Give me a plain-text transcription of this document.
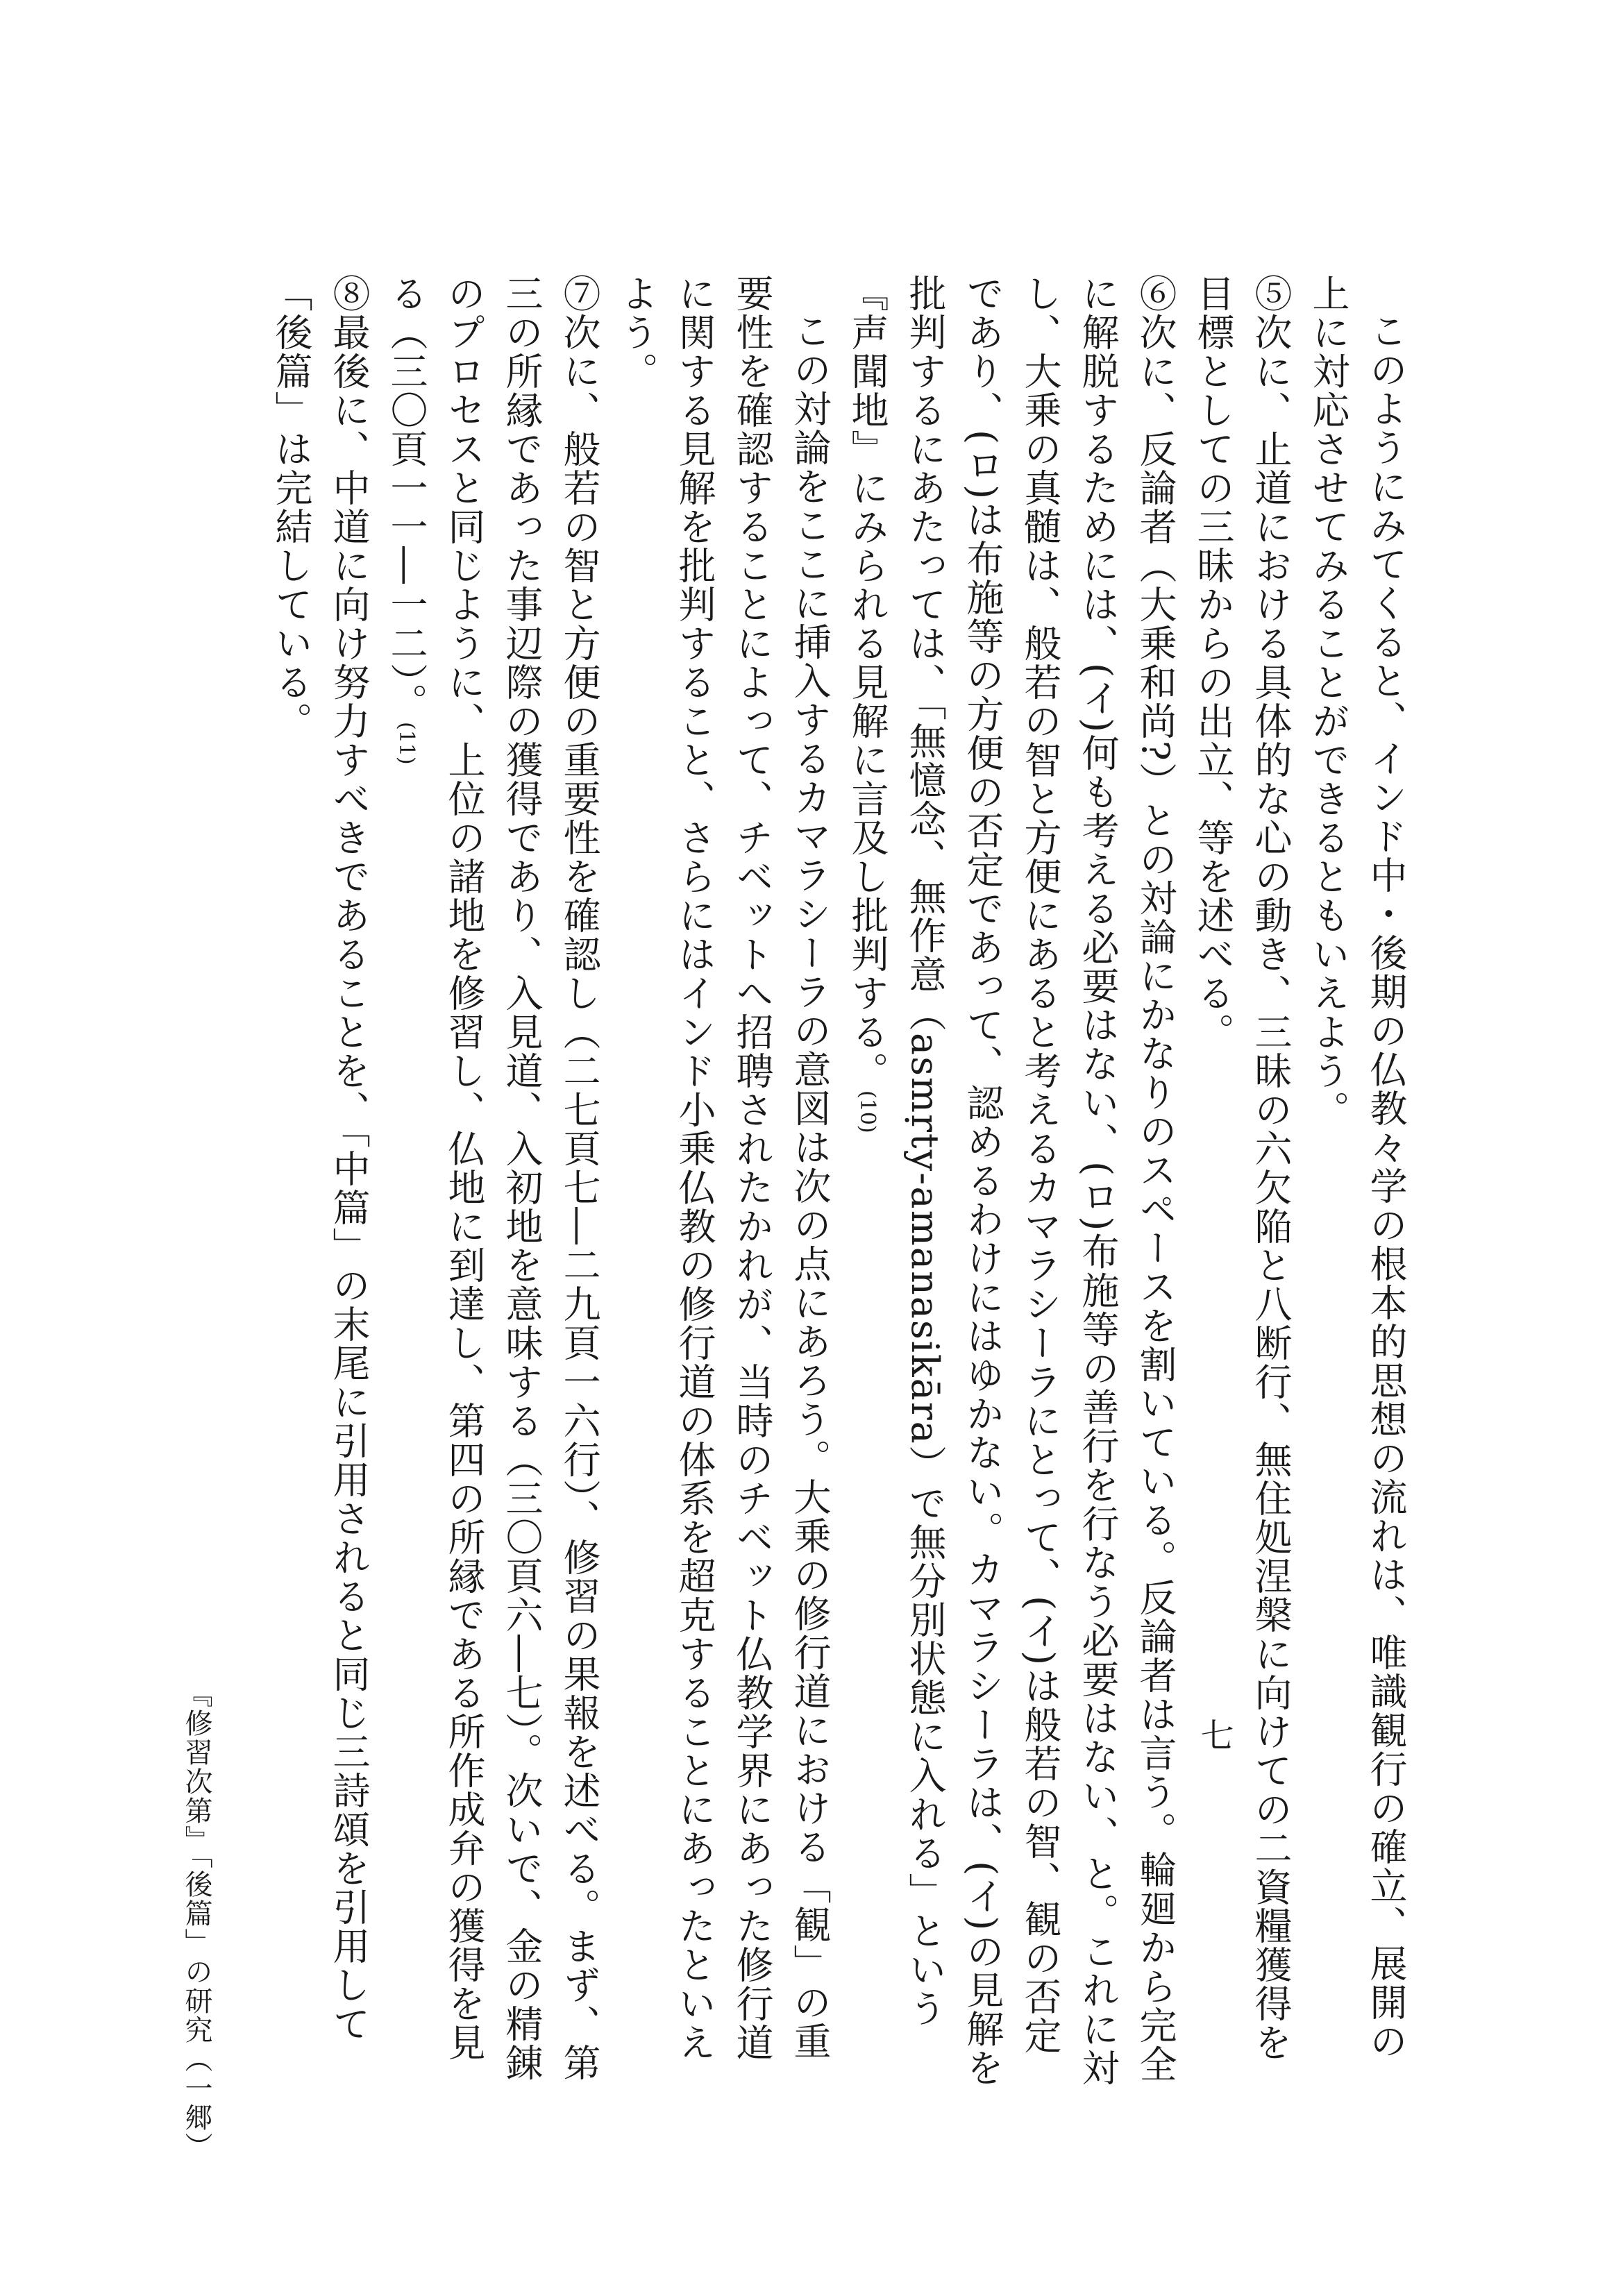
このようにみてくると、インド中・後期の仏教々学の根本的思想の流れは、唯識観行の確立、展開の上に対応させてみることができるともいえよう。

⑤次に、止道における具体的な心の動き、三昧の六欠陥と八断行、無住処涅槃に向けての二資糧獲得を目標としての三昧からの出立、等を述べる。

⑥次に、反論者（大乗和尚?）との対論にかなりのスペースを割いている。反論者は言う。輪廻から完全に解脱するためには、(イ)何も考える必要はない、(ロ)布施等の善行を行なう必要はない、と。これに対し、大乗の真髄は、般若の智と方便にあると考えるカマラシーラにとって、(イ)は般若の智、観の否定であり、(ロ)は布施等の方便の否定であって、認めるわけにはゆかない。カマラシーラは、(イ)の見解を批判するにあたっては、「無憶念、無作意（asmṛty-amanasikāra）で無分別状態に入れる」という『声聞地』にみられる見解に言及し批判する。(10)

この対論をここに挿入するカマラシーラの意図は次の点にあろう。大乗の修行道における「観」の重要性を確認することによって、チベットへ招聘されたかれが、当時のチベット仏教学界にあった修行道に関する見解を批判すること、さらにはインド小乗仏教の修行道の体系を超克することにあったといえよう。

⑦次に、般若の智と方便の重要性を確認し（二七頁七―二九頁一六行）、修習の果報を述べる。まず、第三の所縁であった事辺際の獲得であり、入見道、入初地を意味する（三〇頁六―七）。次いで、金の精錬のプロセスと同じように、上位の諸地を修習し、仏地に到達し、第四の所縁である所作成弁の獲得を見る（三〇頁一一―一二）。(11)

⑧最後に、中道に向け努力すべきであることを、「中篇」の末尾に引用されると同じ三詩頌を引用して「後篇」は完結している。

『修習次第』「後篇」の研究（一郷）	七
